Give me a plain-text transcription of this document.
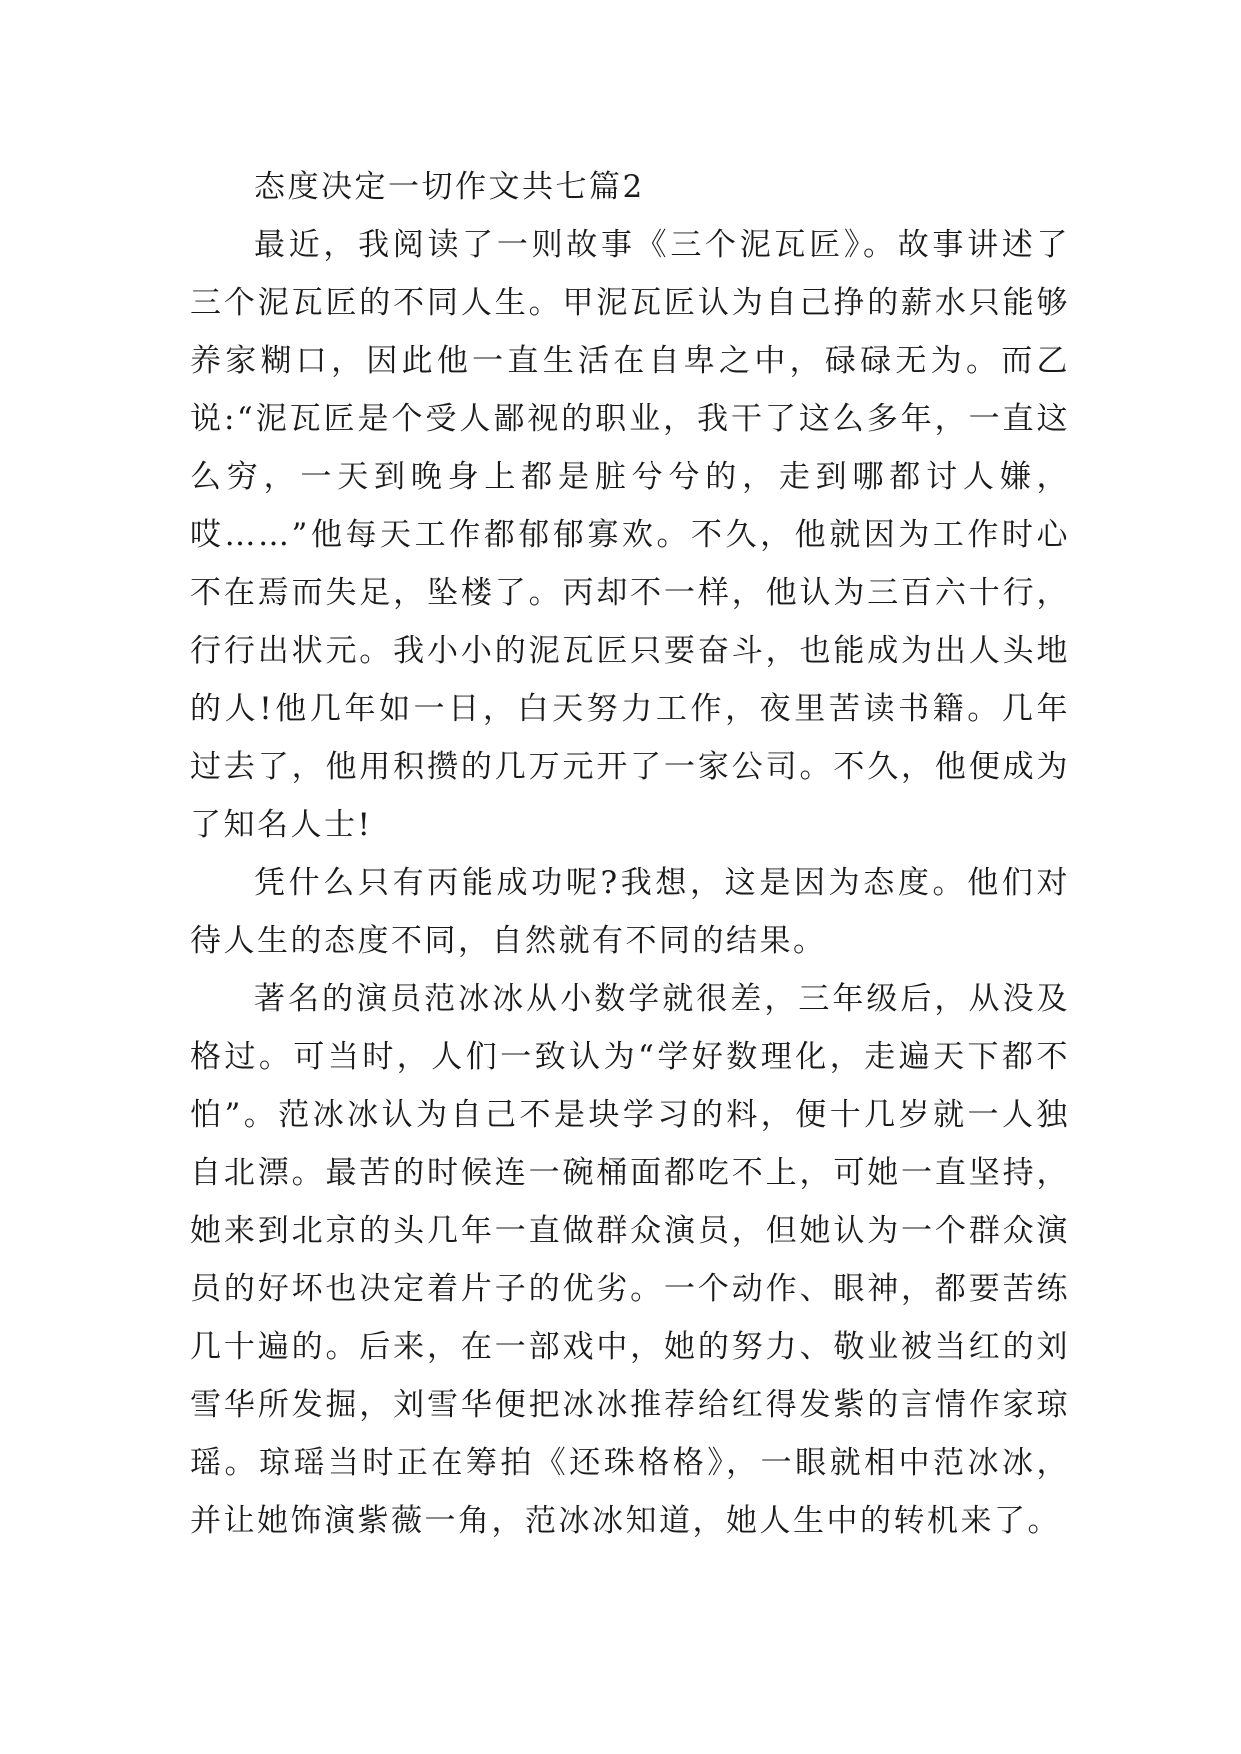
态度决定一切作文共七篇2

最近，我阅读了一则故事《三个泥瓦匠》。故事讲述了三个泥瓦匠的不同人生。甲泥瓦匠认为自己挣的薪水只能够养家糊口，因此他一直生活在自卑之中，碌碌无为。而乙说:“泥瓦匠是个受人鄙视的职业，我干了这么多年，一直这么穷，一天到晚身上都是脏兮兮的，走到哪都讨人嫌，哎……”他每天工作都郁郁寡欢。不久，他就因为工作时心不在焉而失足，坠楼了。丙却不一样，他认为三百六十行，行行出状元。我小小的泥瓦匠只要奋斗，也能成为出人头地的人!他几年如一日，白天努力工作，夜里苦读书籍。几年过去了，他用积攒的几万元开了一家公司。不久，他便成为了知名人士!

凭什么只有丙能成功呢?我想，这是因为态度。他们对待人生的态度不同，自然就有不同的结果。

著名的演员范冰冰从小数学就很差，三年级后，从没及格过。可当时，人们一致认为“学好数理化，走遍天下都不怕”。范冰冰认为自己不是块学习的料，便十几岁就一人独自北漂。最苦的时候连一碗桶面都吃不上，可她一直坚持，她来到北京的头几年一直做群众演员，但她认为一个群众演员的好坏也决定着片子的优劣。一个动作、眼神，都要苦练几十遍的。后来，在一部戏中，她的努力、敬业被当红的刘雪华所发掘，刘雪华便把冰冰推荐给红得发紫的言情作家琼瑶。琼瑶当时正在筹拍《还珠格格》，一眼就相中范冰冰，并让她饰演紫薇一角，范冰冰知道，她人生中的转机来了。
